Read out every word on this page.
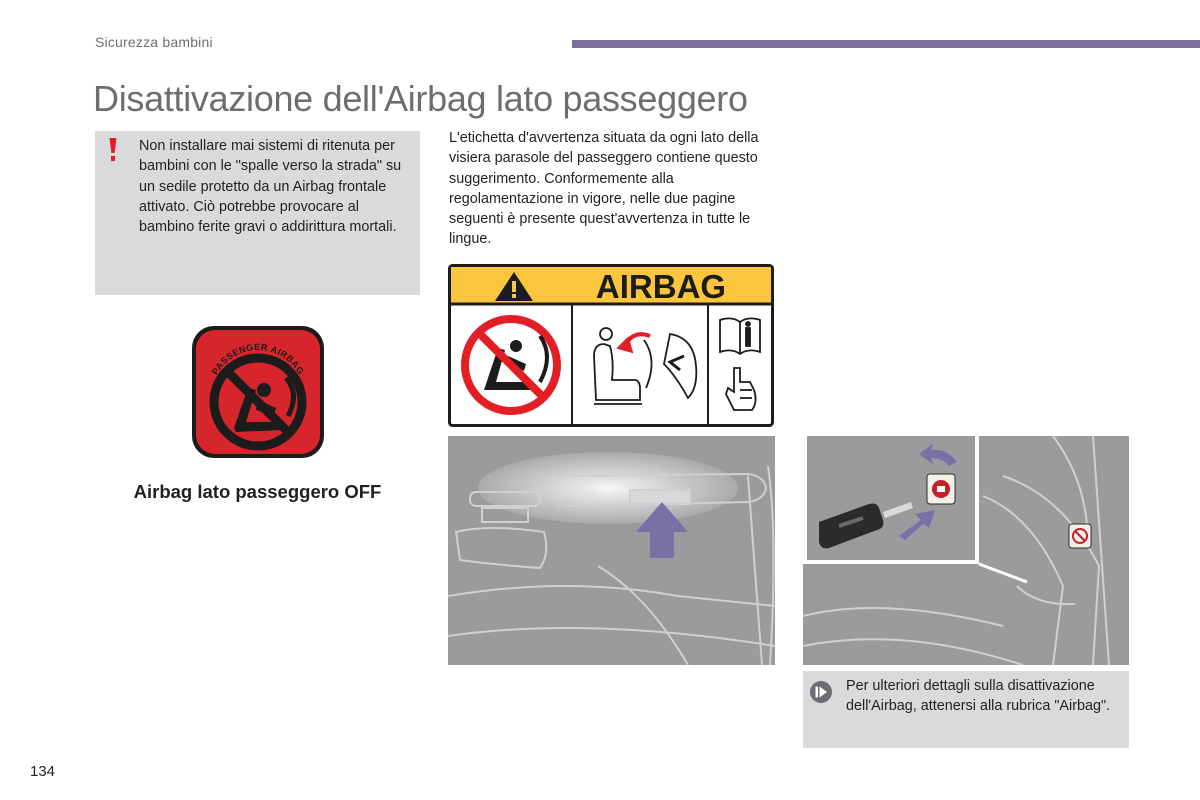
Sicurezza bambini
Disattivazione dell'Airbag lato passeggero
Non installare mai sistemi di ritenuta per bambini con le "spalle verso la strada" su un sedile protetto da un Airbag frontale attivato. Ciò potrebbe provocare al bambino ferite gravi o addirittura mortali.
L'etichetta d'avvertenza situata da ogni lato della visiera parasole del passeggero contiene questo suggerimento. Conformemente alla regolamentazione in vigore, nelle due pagine seguenti è presente quest'avvertenza in tutte le lingue.
PASSENGER AIRBAG
Airbag lato passeggero OFF
AIRBAG
Per ulteriori dettagli sulla disattivazione dell'Airbag, attenersi alla rubrica "Airbag".
134
